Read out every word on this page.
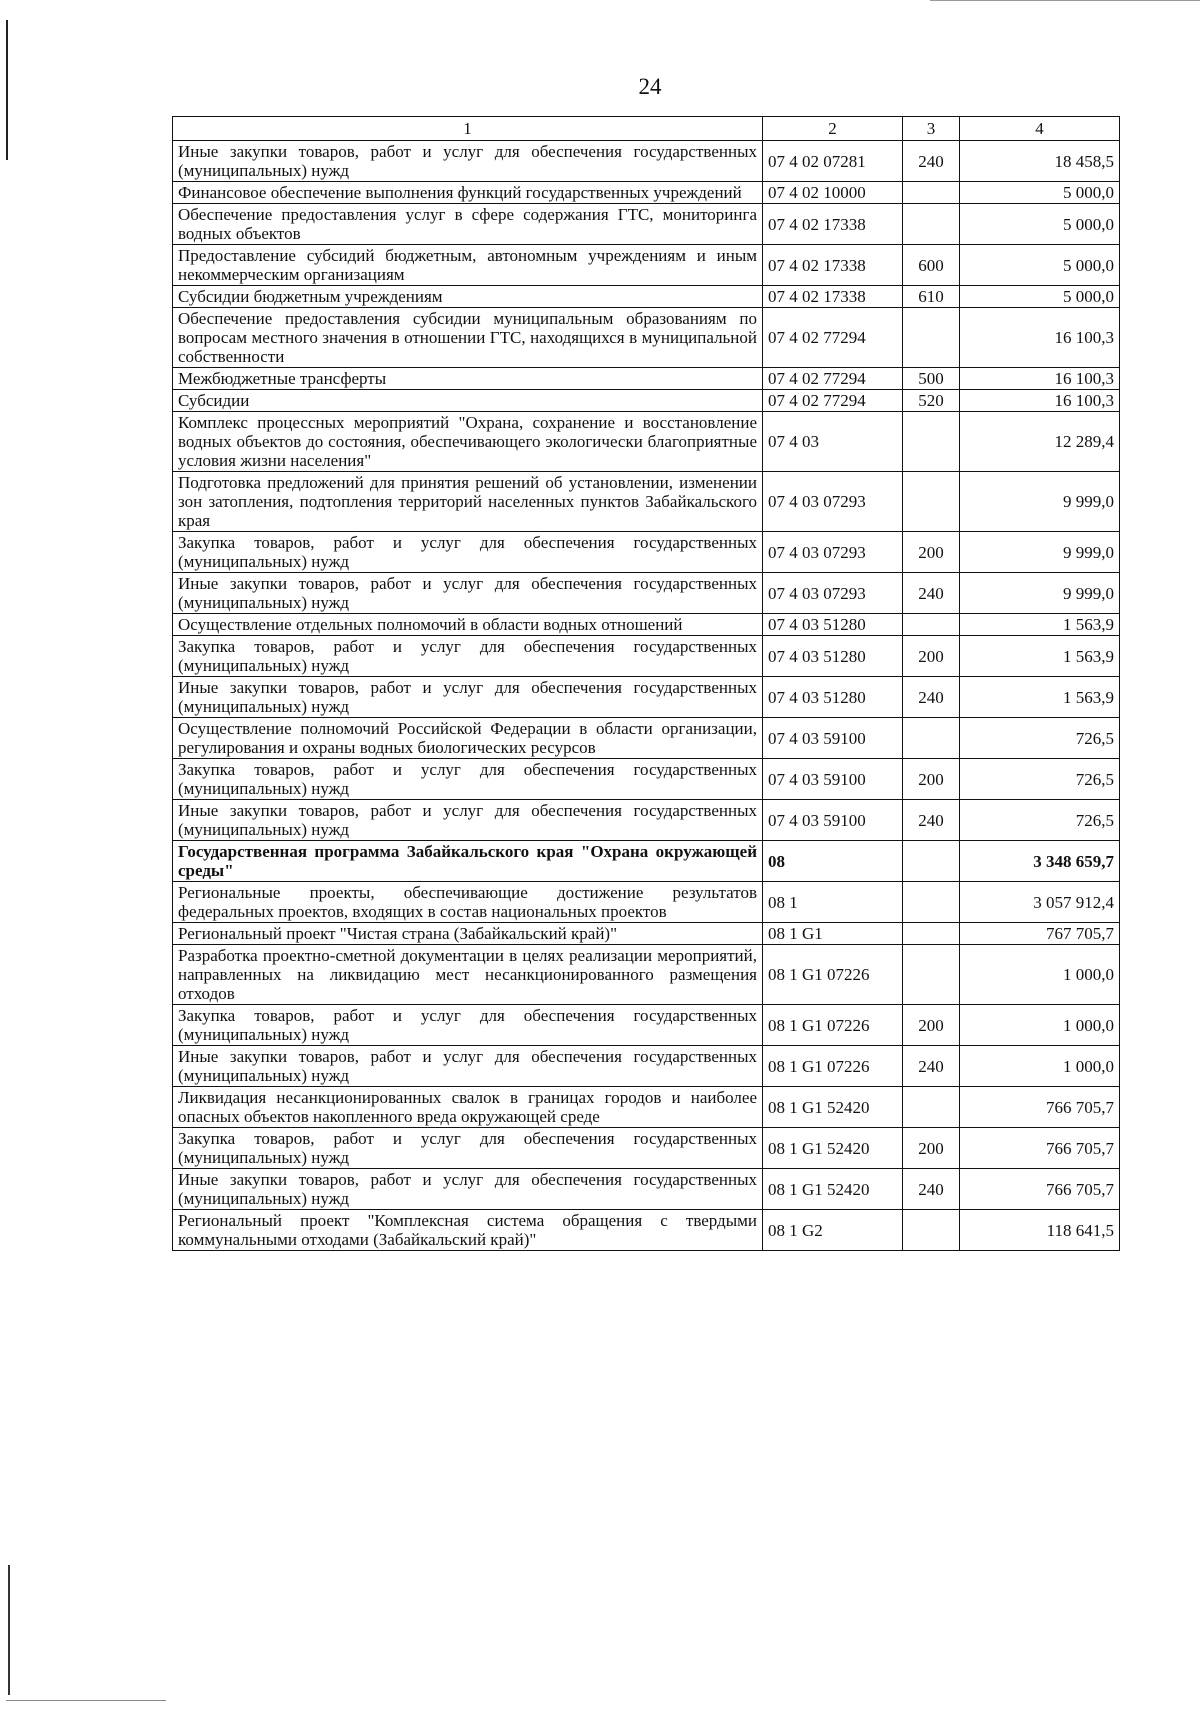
24
1	2	3	4
Иные закупки товаров, работ и услуг для обеспечения государственных (муниципальных) нужд	07 4 02 07281	240	18 458,5
Финансовое обеспечение выполнения функций государственных учреждений	07 4 02 10000		5 000,0
Обеспечение предоставления услуг в сфере содержания ГТС, мониторинга водных объектов	07 4 02 17338		5 000,0
Предоставление субсидий бюджетным, автономным учреждениям и иным некоммерческим организациям	07 4 02 17338	600	5 000,0
Субсидии бюджетным учреждениям	07 4 02 17338	610	5 000,0
Обеспечение предоставления субсидии муниципальным образованиям по вопросам местного значения в отношении ГТС, находящихся в муниципальной собственности	07 4 02 77294		16 100,3
Межбюджетные трансферты	07 4 02 77294	500	16 100,3
Субсидии	07 4 02 77294	520	16 100,3
Комплекс процессных мероприятий "Охрана, сохранение и восстановление водных объектов до состояния, обеспечивающего экологически благоприятные условия жизни населения"	07 4 03		12 289,4
Подготовка предложений для принятия решений об установлении, изменении зон затопления, подтопления территорий населенных пунктов Забайкальского края	07 4 03 07293		9 999,0
Закупка товаров, работ и услуг для обеспечения государственных (муниципальных) нужд	07 4 03 07293	200	9 999,0
Иные закупки товаров, работ и услуг для обеспечения государственных (муниципальных) нужд	07 4 03 07293	240	9 999,0
Осуществление отдельных полномочий в области водных отношений	07 4 03 51280		1 563,9
Закупка товаров, работ и услуг для обеспечения государственных (муниципальных) нужд	07 4 03 51280	200	1 563,9
Иные закупки товаров, работ и услуг для обеспечения государственных (муниципальных) нужд	07 4 03 51280	240	1 563,9
Осуществление полномочий Российской Федерации в области организации, регулирования и охраны водных биологических ресурсов	07 4 03 59100		726,5
Закупка товаров, работ и услуг для обеспечения государственных (муниципальных) нужд	07 4 03 59100	200	726,5
Иные закупки товаров, работ и услуг для обеспечения государственных (муниципальных) нужд	07 4 03 59100	240	726,5
Государственная программа Забайкальского края "Охрана окружающей среды"	08		3 348 659,7
Региональные проекты, обеспечивающие достижение результатов федеральных проектов, входящих в состав национальных проектов	08 1		3 057 912,4
Региональный проект "Чистая страна (Забайкальский край)"	08 1 G1		767 705,7
Разработка проектно-сметной документации в целях реализации мероприятий, направленных на ликвидацию мест несанкционированного размещения отходов	08 1 G1 07226		1 000,0
Закупка товаров, работ и услуг для обеспечения государственных (муниципальных) нужд	08 1 G1 07226	200	1 000,0
Иные закупки товаров, работ и услуг для обеспечения государственных (муниципальных) нужд	08 1 G1 07226	240	1 000,0
Ликвидация несанкционированных свалок в границах городов и наиболее опасных объектов накопленного вреда окружающей среде	08 1 G1 52420		766 705,7
Закупка товаров, работ и услуг для обеспечения государственных (муниципальных) нужд	08 1 G1 52420	200	766 705,7
Иные закупки товаров, работ и услуг для обеспечения государственных (муниципальных) нужд	08 1 G1 52420	240	766 705,7
Региональный проект "Комплексная система обращения с твердыми коммунальными отходами (Забайкальский край)"	08 1 G2		118 641,5
